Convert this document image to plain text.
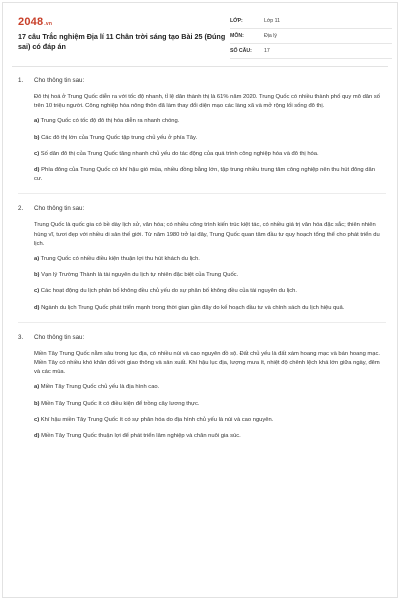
2048.vn
17 câu Trắc nghiệm Địa lí 11 Chân trời sáng tạo Bài 25 (Đúng sai) có đáp án
LỚP:	Lớp 11
MÔN:	Địa lý
SỐ CÂU:	17
1.	Cho thông tin sau:

Đô thị hoá ở Trung Quốc diễn ra với tốc độ nhanh, tỉ lệ dân thành thị là 61% năm 2020. Trung Quốc có nhiều thành phố quy mô dân số trên 10 triệu người. Công nghiệp hóa nông thôn đã làm thay đổi diện mạo các làng xã và mở rộng lối sống đô thị.

a) Trung Quốc có tốc độ đô thị hóa diễn ra nhanh chóng.

b) Các đô thị lớn của Trung Quốc tập trung chủ yếu ở phía Tây.

c) Số dân đô thị của Trung Quốc tăng nhanh chủ yếu do tác động của quá trình công nghiệp hóa và đô thị hóa.

d) Phía đông của Trung Quốc có khí hậu gió mùa, nhiều đồng bằng lớn, tập trung nhiều trung tâm công nghiệp nên thu hút đông dân cư.

2.	Cho thông tin sau:

Trung Quốc là quốc gia có bề dày lịch sử, văn hóa; có nhiều công trình kiến trúc kiệt tác, có nhiều giá trị văn hóa đặc sắc; thiên nhiên hùng vĩ, tươi đẹp với nhiều di sản thế giới. Từ năm 1980 trở lại đây, Trung Quốc quan tâm đầu tư quy hoạch tổng thể cho phát triển du lịch.

a) Trung Quốc có nhiều điều kiện thuận lợi thu hút khách du lịch.

b) Vạn lý Trường Thành là tài nguyên du lịch tự nhiên đặc biệt của Trung Quốc.

c) Các hoạt động du lịch phân bố không đều chủ yếu do sự phân bố không đều của tài nguyên du lịch.

d) Ngành du lịch Trung Quốc phát triển mạnh trong thời gian gần đây do kế hoạch đầu tư và chính sách du lịch hiệu quả.

3.	Cho thông tin sau:

Miền Tây Trung Quốc nằm sâu trong lục địa, có nhiều núi và cao nguyên đồ sộ. Đất chủ yếu là đất xám hoang mạc và bán hoang mạc. Miền Tây có nhiều khó khăn đối với giao thông và sản xuất. Khí hậu lục địa, lượng mưa ít, nhiệt độ chênh lệch khá lớn giữa ngày, đêm và các mùa.

a) Miền Tây Trung Quốc chủ yếu là địa hình cao.

b) Miền Tây Trung Quốc ít có điều kiện để trồng cây lương thực.

c) Khí hậu miền Tây Trung Quốc ít có sự phân hóa do địa hình chủ yếu là núi và cao nguyên.

d) Miền Tây Trung Quốc thuận lợi để phát triển lâm nghiệp và chăn nuôi gia súc.
